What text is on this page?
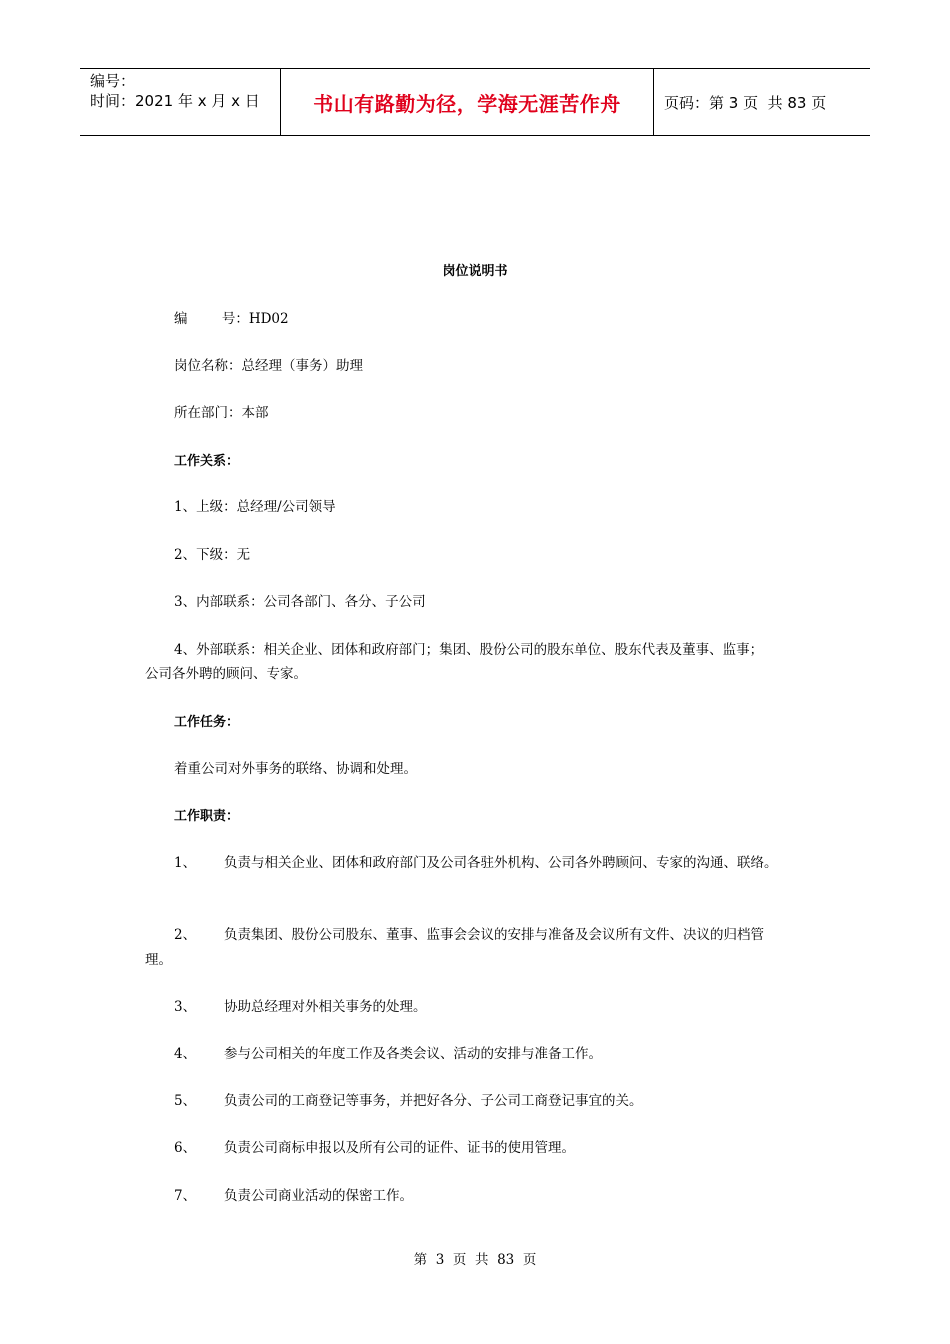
编号：
时间：2021 年 x 月 x 日	书山有路勤为径，学海无涯苦作舟	页码：第 3 页  共 83 页
岗位说明书
编        号：HD02
岗位名称：总经理（事务）助理
所在部门：本部
工作关系：
1、上级：总经理/公司领导
2、下级：无
3、内部联系：公司各部门、各分、子公司
4、外部联系：相关企业、团体和政府部门；集团、股份公司的股东单位、股东代表及董事、监事；
公司各外聘的顾问、专家。
工作任务：
着重公司对外事务的联络、协调和处理。
工作职责：
1、 负责与相关企业、团体和政府部门及公司各驻外机构、公司各外聘顾问、专家的沟通、联络。
2、 负责集团、股份公司股东、董事、监事会会议的安排与准备及会议所有文件、决议的归档管
理。
3、 协助总经理对外相关事务的处理。
4、 参与公司相关的年度工作及各类会议、活动的安排与准备工作。
5、 负责公司的工商登记等事务，并把好各分、子公司工商登记事宜的关。
6、 负责公司商标申报以及所有公司的证件、证书的使用管理。
7、 负责公司商业活动的保密工作。
第  3  页  共  83  页
